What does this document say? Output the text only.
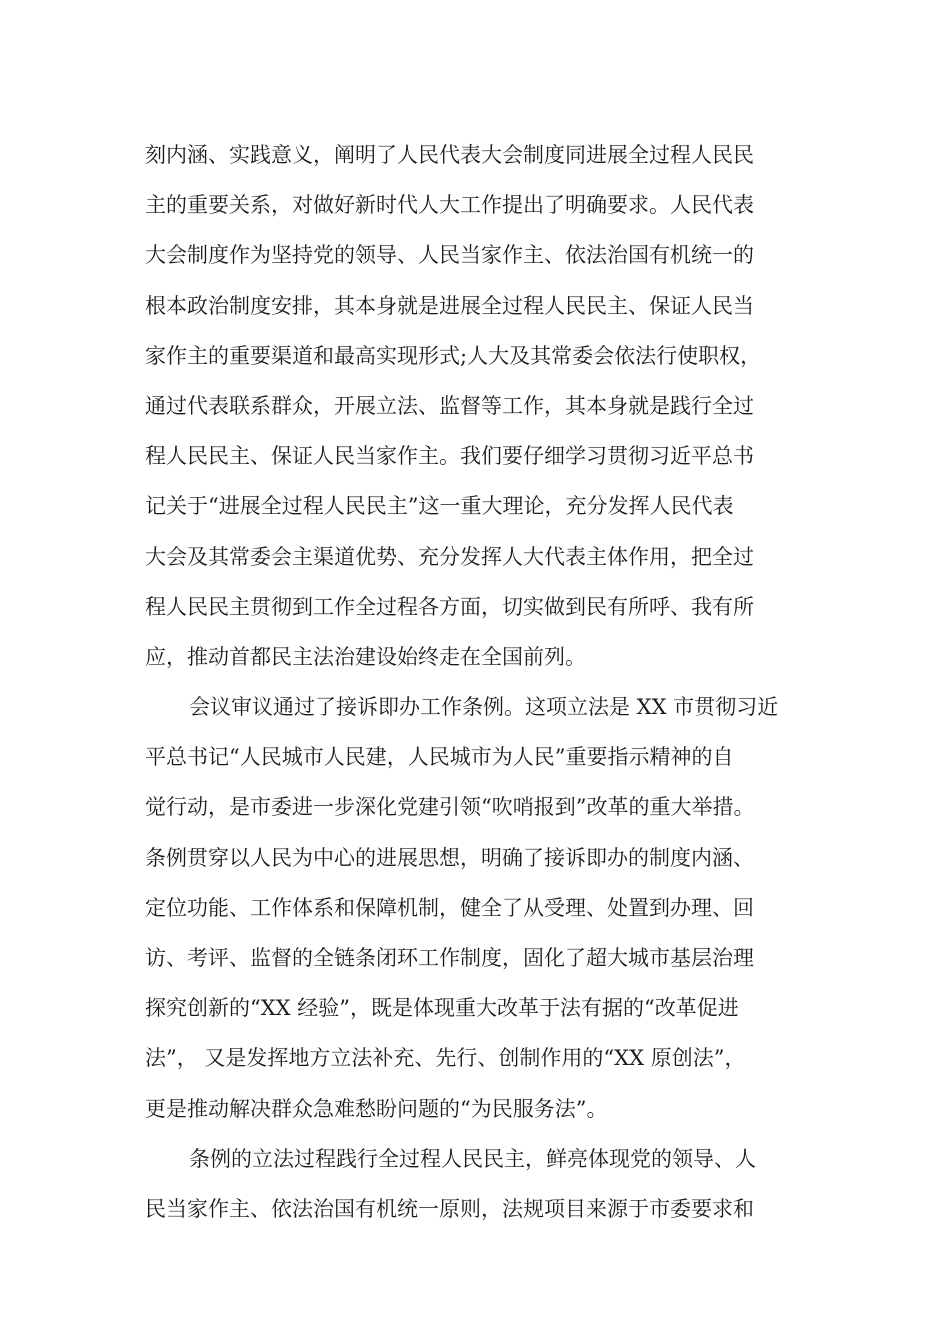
刻内涵、实践意义，阐明了人民代表大会制度同进展全过程人民民
主的重要关系，对做好新时代人大工作提出了明确要求。人民代表
大会制度作为坚持党的领导、人民当家作主、依法治国有机统一的
根本政治制度安排，其本身就是进展全过程人民民主、保证人民当
家作主的重要渠道和最高实现形式;人大及其常委会依法行使职权，
通过代表联系群众，开展立法、监督等工作，其本身就是践行全过
程人民民主、保证人民当家作主。我们要仔细学习贯彻习近平总书
记关于“进展全过程人民民主”这一重大理论，充分发挥人民代表
大会及其常委会主渠道优势、充分发挥人大代表主体作用，把全过
程人民民主贯彻到工作全过程各方面，切实做到民有所呼、我有所
应，推动首都民主法治建设始终走在全国前列。
会议审议通过了接诉即办工作条例。这项立法是 XX 市贯彻习近
平总书记“人民城市人民建，人民城市为人民”重要指示精神的自
觉行动，是市委进一步深化党建引领“吹哨报到”改革的重大举措。
条例贯穿以人民为中心的进展思想，明确了接诉即办的制度内涵、
定位功能、工作体系和保障机制，健全了从受理、处置到办理、回
访、考评、监督的全链条闭环工作制度，固化了超大城市基层治理
探究创新的“XX 经验”，既是体现重大改革于法有据的“改革促进
法”， 又是发挥地方立法补充、先行、创制作用的“XX 原创法”，
更是推动解决群众急难愁盼问题的“为民服务法”。
条例的立法过程践行全过程人民民主，鲜亮体现党的领导、人
民当家作主、依法治国有机统一原则，法规项目来源于市委要求和
